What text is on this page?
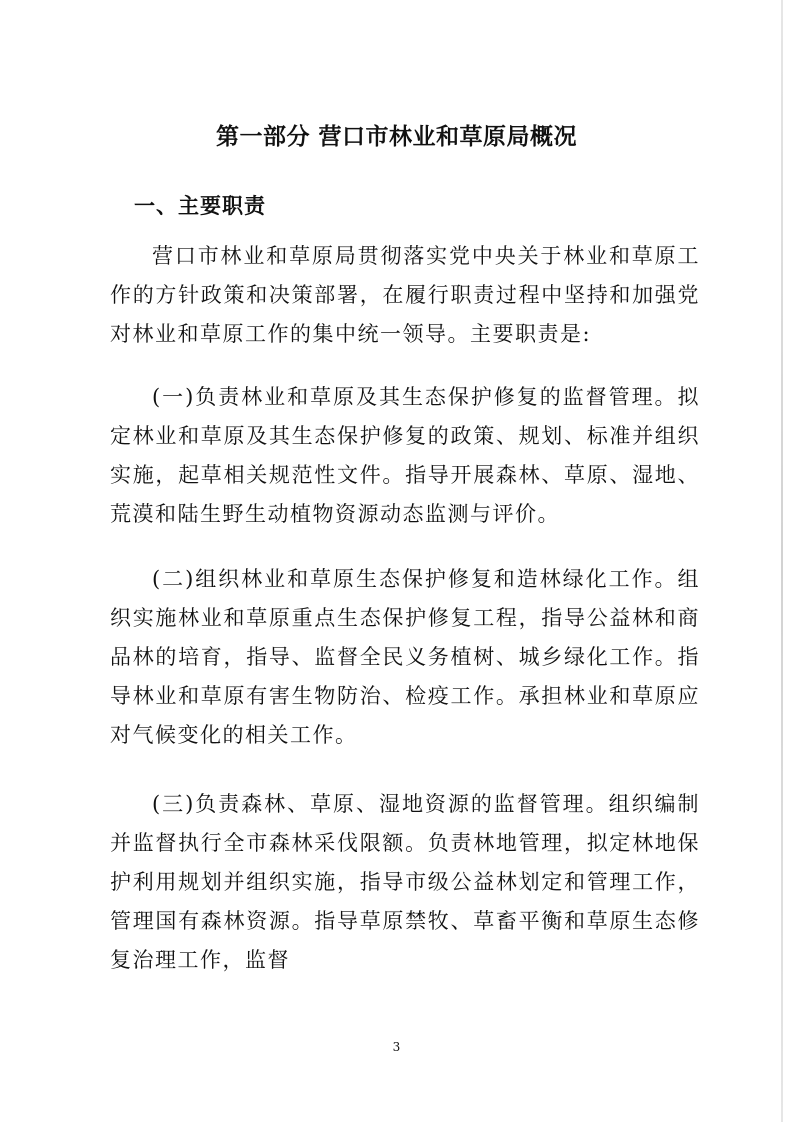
第一部分 营口市林业和草原局概况
一、主要职责

营口市林业和草原局贯彻落实党中央关于林业和草原工作的方针政策和决策部署，在履行职责过程中坚持和加强党对林业和草原工作的集中统一领导。主要职责是:

(一)负责林业和草原及其生态保护修复的监督管理。拟定林业和草原及其生态保护修复的政策、规划、标准并组织实施，起草相关规范性文件。指导开展森林、草原、湿地、荒漠和陆生野生动植物资源动态监测与评价。

(二)组织林业和草原生态保护修复和造林绿化工作。组织实施林业和草原重点生态保护修复工程，指导公益林和商品林的培育，指导、监督全民义务植树、城乡绿化工作。指导林业和草原有害生物防治、检疫工作。承担林业和草原应对气候变化的相关工作。

(三)负责森林、草原、湿地资源的监督管理。组织编制并监督执行全市森林采伐限额。负责林地管理，拟定林地保护利用规划并组织实施，指导市级公益林划定和管理工作，管理国有森林资源。指导草原禁牧、草畜平衡和草原生态修复治理工作，监督

3
